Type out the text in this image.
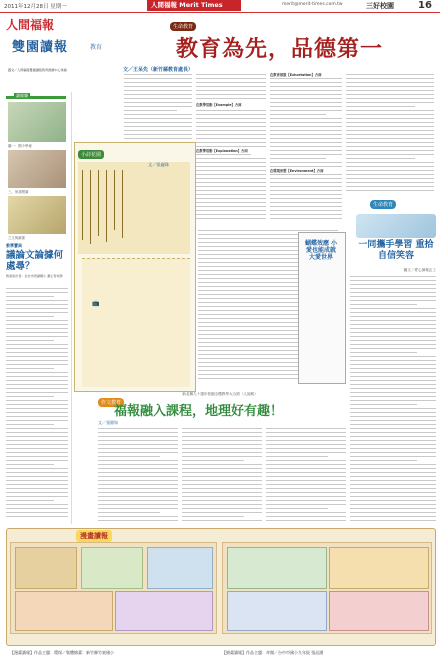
2011年12月28日 星期一	人間福報 Merit Times	merit@merit-times.com.tw	三好校園 16
人間福報
雙園讀報	教育
生命教育
教育為先，品德第一
圖文／人間福報雙園讀報教育推廣中心供稿	文／王呆先（新竹縣教育處長）
讀報樂
圖一：國小學童
三、何喜閱讀
之文與讀書
教學寶典
議論文論據何處尋？
教案設計者：台北市西湖國小 蕭壬雪老師
在教學活動【Example】方面
在教學活動【Explanation】方面
在教育部版【Exhortation】方面
在環境形塑【Environment】方面
小詩花園
文／張麗珠
📺
蝴蝶效應 小愛也能成就 大愛世界
生命教育
一同攜手學習 重拾自信笑容
圖文／愛心讀報志工
新北縣九十週年校園全體教學大合照（人福報）
作文教育
福報融入課程，地理好有趣！
文／張靜如
漫畫讀報
【漫畫讀報】作品主題：環保／集體繪畫：新竹縣竹東國小	【繪畫讀報】作品主題：奇聞／台中市國小九年級 張品涵
